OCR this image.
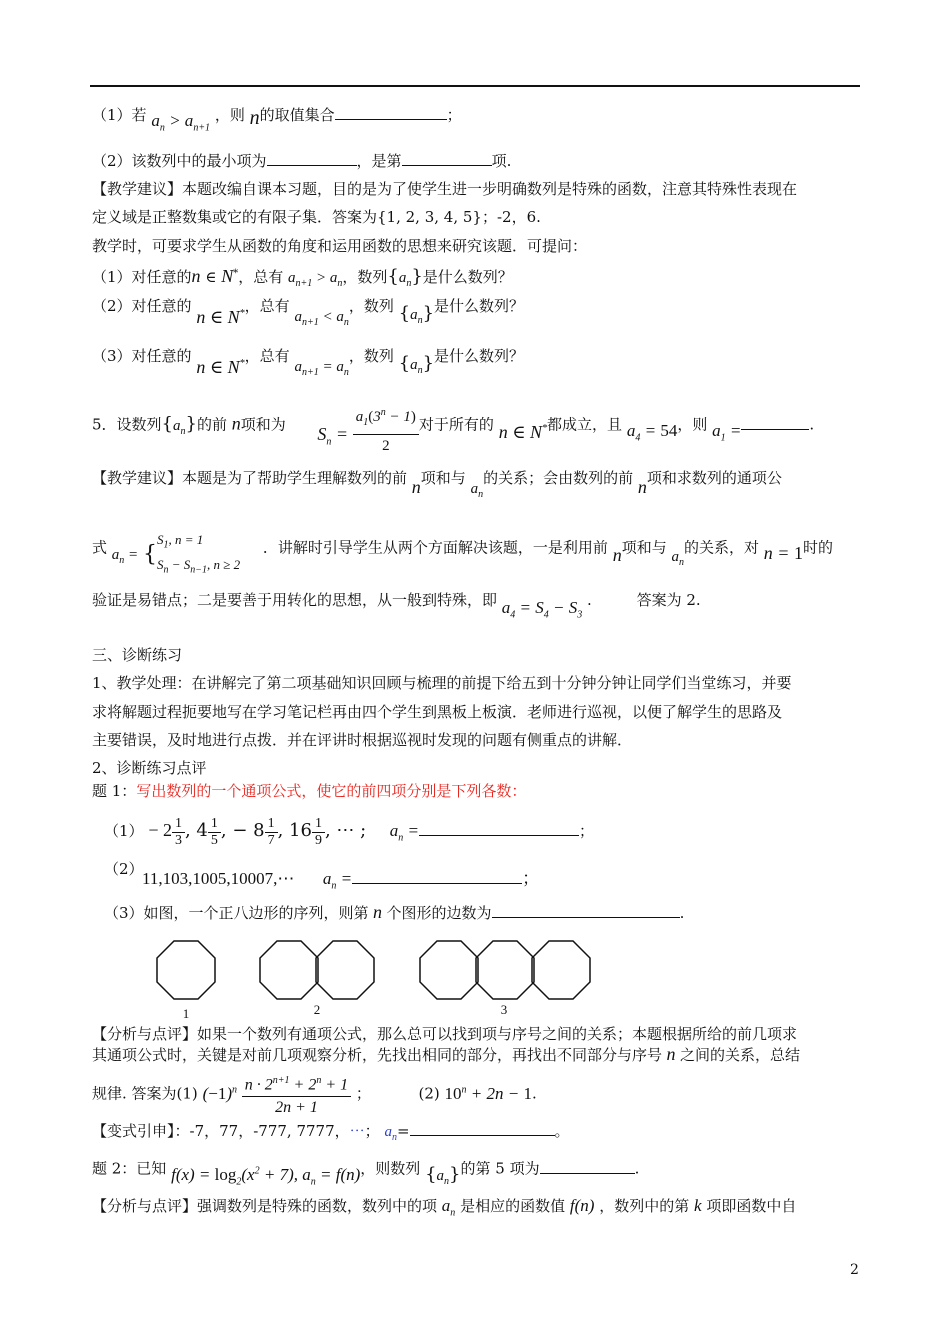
（1）若 $a_n > a_{n+1}$ ，则 n的取值集合	；
（2）该数列中的最小项为	，是第	项.
【教学建议】本题改编自课本习题，目的是为了使学生进一步明确数列是特殊的函数，注意其特殊性表现在
定义域是正整数集或它的有限子集．答案为{1, 2, 3, 4, 5}；-2，6.
教学时，可要求学生从函数的角度和运用函数的思想来研究该题．可提问：
（1）对任意的n ∈ N*，总有 $a_{n+1} > a_n$，数列$\{a_n\}$是什么数列？
（2）对任意的 n ∈ N*，总有 $a_{n+1} < a_n$，数列 $\{a_n\}$是什么数列？
（3）对任意的 n ∈ N*，总有 $a_{n+1} = a_n$，数列 $\{a_n\}$是什么数列？
5．设数列$\{a_n\}$的前 n项和为 $S_n = \frac{a_1(3^n - 1)}{2}$ 对于所有的 n ∈ N*都成立，且 $a_4 = 54$，则 $a_1$ =	.
【教学建议】本题是为了帮助学生理解数列的前 n项和与 $a_n$的关系；会由数列的前 n项和求数列的通项公
式 $a_n = \{S_1$, n = 1
$S_n - S_{n-1}$, n ≥ 2 ．讲解时引导学生从两个方面解决该题，一是利用前 n项和与 $a_n$的关系，对 n = 1时的
验证是易错点；二是要善于用转化的思想，从一般到特殊，即 $a_4 = S_4 - S_3$ .	答案为 2.
三、诊断练习
1、教学处理：在讲解完了第二项基础知识回顾与梳理的前提下给五到十分钟分钟让同学们当堂练习，并要
求将解题过程扼要地写在学习笔记栏再由四个学生到黑板上板演．老师进行巡视，以便了解学生的思路及
主要错误，及时地进行点拨．并在评讲时根据巡视时发现的问题有侧重点的讲解．
2、诊断练习点评
题 1：写出数列的一个通项公式，使它的前四项分别是下列各数：
$(1) - 2 \frac{1}{3}$ , $4 \frac{1}{5}$ , − $8 \frac{1}{7}$ , $16 \frac{1}{9}$ , ⋯ ; $a_n$ =	；
（2）
11,103,1005,10007,⋯ $a_n$ =	；
（3）如图，一个正八边形的序列，则第 n 个图形的边数为	.
1	2	3
【分析与点评】如果一个数列有通项公式，那么总可以找到项与序号之间的关系；本题根据所给的前几项求
其通项公式时，关键是对前几项观察分析，先找出相同的部分，再找出不同部分与序号 n 之间的关系，总结
规律. 答案为(1) $(-1)^n \frac{n \cdot 2^{n+1} + 2^n + 1}{2n + 1}$ ；	(2) $10^n + 2n - 1$.
【变式引申】：-7，77，-777, 7777，⋯； $a_n=$	。
题 2：已知 $f(x) = \log_2(x^2 + 7)$, $a_n = f(n)$，则数列 $\{a_n\}$的第 5 项为	.
【分析与点评】强调数列是特殊的函数，数列中的项 $a_n$ 是相应的函数值 f(n) ，数列中的第 k 项即函数中自
2
